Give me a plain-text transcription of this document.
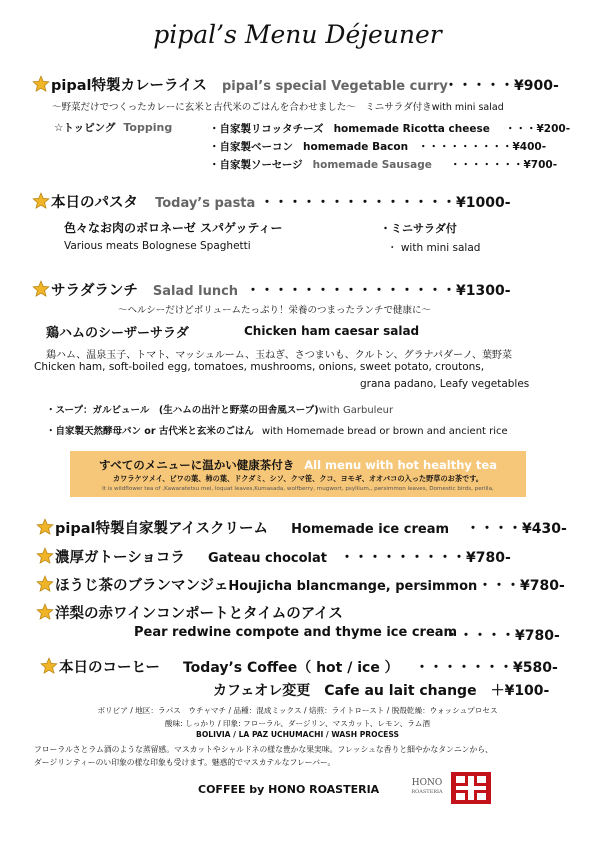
pipal’s Menu Déjeuner
pipal特製カレーライス pipal’s special Vegetable curry
・・・・・¥900-
～野菜だけでつくったカレーに玄米と古代米のごはんを合わせました～　ミニサラダ付きwith mini salad
☆トッピング Topping	・自家製リコッタチーズ homemade Ricotta cheese ・・・¥200-
・自家製ベーコン homemade Bacon ・・・・・・・・・¥400-
・自家製ソーセージ homemade Sausage ・・・・・・・¥700-
本日のパスタ Today’s pasta ・・・・・・・・・・・・・・¥1000-
色々なお肉のボロネーゼ スパゲッティー	・ミニサラダ付
Various meats Bolognese Spaghetti	・ with mini salad
サラダランチ Salad lunch ・・・・・・・・・・・・・・・¥1300-
～ヘルシーだけどボリュームたっぷり！栄養のつまったランチで健康に～
鶏ハムのシーザーサラダ	Chicken ham caesar salad
鶏ハム、温泉玉子、トマト、マッシュルーム、玉ねぎ、さつまいも、クルトン、グラナパダーノ、葉野菜
Chicken ham, soft-boiled egg, tomatoes, mushrooms, onions, sweet potato, croutons,
grana padano, Leafy vegetables
・スープ：ガルビュール　(生ハムの出汁と野菜の田舎風スープ)with Garbuleur
・自家製天然酵母パン or 古代米と玄米のごはん with Homemade bread or brown and ancient rice
すべてのメニューに温かい健康茶付き All menu with hot healthy tea
カワラケツメイ、ビワの葉、柿の葉、ドクダミ、シソ、クマ笹、クコ、ヨモギ、オオバコの入った野草のお茶です。
It is wildflower tea of ,Kawaratetsu mei, loquat leaves,Kumasada, wolfberry, mugwort, psyllium,, persimmon leaves, Domestic birds, perilla,
pipal特製自家製アイスクリーム Homemade ice cream ・・・・¥430-
濃厚ガトーショコラ Gateau chocolat ・・・・・・・・・¥780-
ほうじ茶のブランマンジェHoujicha blancmange, persimmon ・・・¥780-
洋梨の赤ワインコンポートとタイムのアイス
Pear redwine compote and thyme ice cream
・・・・・¥780-
本日のコーヒー Today’s Coffee（ hot / ice ） ・・・・・・・¥580-
カフェオレ変更　Cafe au lait change　＋¥100-
ボリビア / 地区：ラパス　ウチャマチ / 品種：混成ミックス / 焙煎：ライトロースト / 脱殻乾燥：ウォッシュプロセス
酸味: しっかり / 印象: フローラル、ダージリン、マスカット、レモン、ラム酒
BOLIVIA / LA PAZ UCHUMACHI / WASH PROCESS
フローラルさとラム酒のような蒸留感。マスカットやシャルドネの様な豊かな果実味。フレッシュな香りと細やかなタンニンから、
ダージリンティーのい印象の様な印象も受けます。魅惑的でマスカテルなフレーバー。
COFFEE by HONO ROASTERIA	HONO
ROASTERIA
